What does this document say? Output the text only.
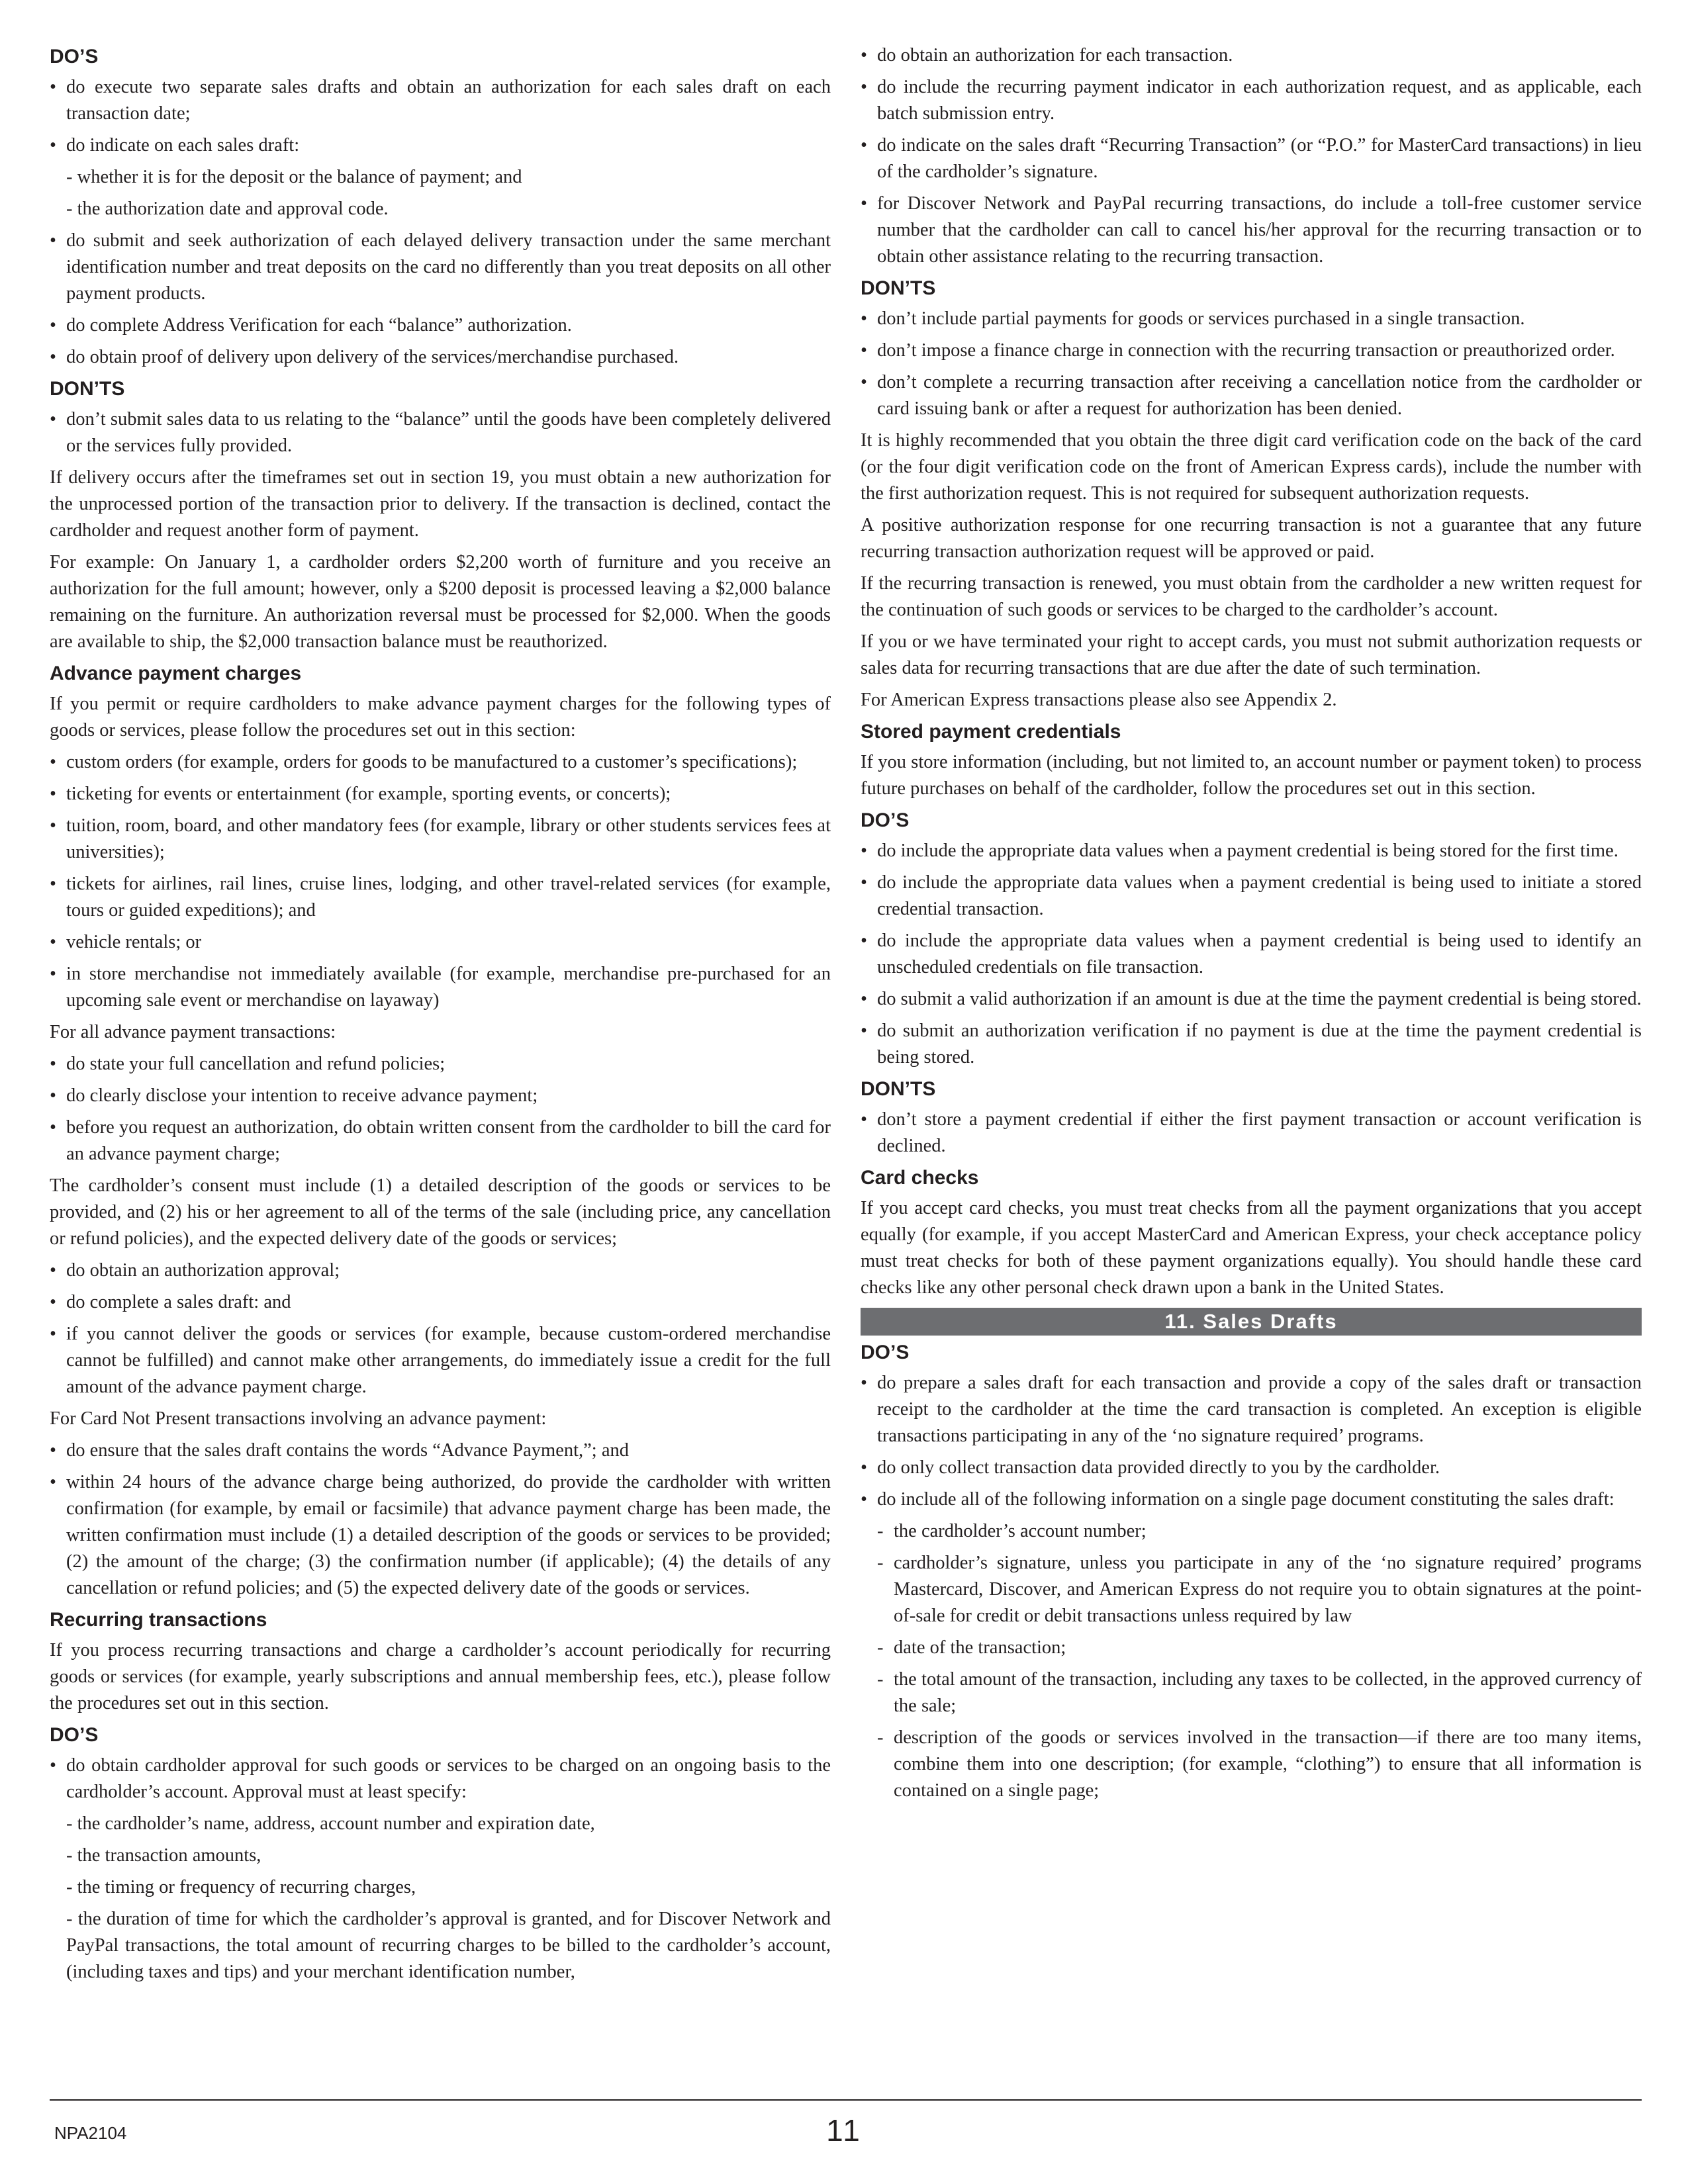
DO’S
• do execute two separate sales drafts and obtain an authorization for each sales draft on each transaction date;
• do indicate on each sales draft:
- whether it is for the deposit or the balance of payment; and
- the authorization date and approval code.
• do submit and seek authorization of each delayed delivery transaction under the same merchant identification number and treat deposits on the card no differently than you treat deposits on all other payment products.
• do complete Address Verification for each “balance” authorization.
• do obtain proof of delivery upon delivery of the services/merchandise purchased.
DON’TS
• don’t submit sales data to us relating to the “balance” until the goods have been completely delivered or the services fully provided.

If delivery occurs after the timeframes set out in section 19, you must obtain a new authorization for the unprocessed portion of the transaction prior to delivery. If the transaction is declined, contact the cardholder and request another form of payment.

For example: On January 1, a cardholder orders $2,200 worth of furniture and you receive an authorization for the full amount; however, only a $200 deposit is processed leaving a $2,000 balance remaining on the furniture. An authorization reversal must be processed for $2,000. When the goods are available to ship, the $2,000 transaction balance must be reauthorized.

Advance payment charges

If you permit or require cardholders to make advance payment charges for the following types of goods or services, please follow the procedures set out in this section:

• custom orders (for example, orders for goods to be manufactured to a customer’s specifications);
• ticketing for events or entertainment (for example, sporting events, or concerts);
• tuition, room, board, and other mandatory fees (for example, library or other students services fees at universities);
• tickets for airlines, rail lines, cruise lines, lodging, and other travel-related services (for example, tours or guided expeditions); and
• vehicle rentals; or
• in store merchandise not immediately available (for example, merchandise pre-purchased for an upcoming sale event or merchandise on layaway)

For all advance payment transactions:

• do state your full cancellation and refund policies;
• do clearly disclose your intention to receive advance payment;
• before you request an authorization, do obtain written consent from the cardholder to bill the card for an advance payment charge;

The cardholder’s consent must include (1) a detailed description of the goods or services to be provided, and (2) his or her agreement to all of the terms of the sale (including price, any cancellation or refund policies), and the expected delivery date of the goods or services;

• do obtain an authorization approval;
• do complete a sales draft: and
• if you cannot deliver the goods or services (for example, because custom-ordered merchandise cannot be fulfilled) and cannot make other arrangements, do immediately issue a credit for the full amount of the advance payment charge.

For Card Not Present transactions involving an advance payment:

• do ensure that the sales draft contains the words “Advance Payment,”; and
• within 24 hours of the advance charge being authorized, do provide the cardholder with written confirmation (for example, by email or facsimile) that advance payment charge has been made, the written confirmation must include (1) a detailed description of the goods or services to be provided; (2) the amount of the charge; (3) the confirmation number (if applicable); (4) the details of any cancellation or refund policies; and (5) the expected delivery date of the goods or services.
Recurring transactions

If you process recurring transactions and charge a cardholder’s account periodically for recurring goods or services (for example, yearly subscriptions and annual membership fees, etc.), please follow the procedures set out in this section.

DO’S
• do obtain cardholder approval for such goods or services to be charged on an ongoing basis to the cardholder’s account. Approval must at least specify:
- the cardholder’s name, address, account number and expiration date,
- the transaction amounts,
- the timing or frequency of recurring charges,
- the duration of time for which the cardholder’s approval is granted, and for Discover Network and PayPal transactions, the total amount of recurring charges to be billed to the cardholder’s account, (including taxes and tips) and your merchant identification number,
• do obtain an authorization for each transaction.
• do include the recurring payment indicator in each authorization request, and as applicable, each batch submission entry.
• do indicate on the sales draft “Recurring Transaction” (or “P.O.” for MasterCard transactions) in lieu of the cardholder’s signature.
• for Discover Network and PayPal recurring transactions, do include a toll-free customer service number that the cardholder can call to cancel his/her approval for the recurring transaction or to obtain other assistance relating to the recurring transaction.
DON’TS
• don’t include partial payments for goods or services purchased in a single transaction.
• don’t impose a finance charge in connection with the recurring transaction or preauthorized order.
• don’t complete a recurring transaction after receiving a cancellation notice from the cardholder or card issuing bank or after a request for authorization has been denied.

It is highly recommended that you obtain the three digit card verification code on the back of the card (or the four digit verification code on the front of American Express cards), include the number with the first authorization request. This is not required for subsequent authorization requests.

A positive authorization response for one recurring transaction is not a guarantee that any future recurring transaction authorization request will be approved or paid.

If the recurring transaction is renewed, you must obtain from the cardholder a new written request for the continuation of such goods or services to be charged to the cardholder’s account.

If you or we have terminated your right to accept cards, you must not submit authorization requests or sales data for recurring transactions that are due after the date of such termination.

For American Express transactions please also see Appendix 2.

Stored payment credentials

If you store information (including, but not limited to, an account number or payment token) to process future purchases on behalf of the cardholder, follow the procedures set out in this section.

DO’S
• do include the appropriate data values when a payment credential is being stored for the first time.
• do include the appropriate data values when a payment credential is being used to initiate a stored credential transaction.
• do include the appropriate data values when a payment credential is being used to identify an unscheduled credentials on file transaction.
• do submit a valid authorization if an amount is due at the time the payment credential is being stored.
• do submit an authorization verification if no payment is due at the time the payment credential is being stored.
DON’TS
• don’t store a payment credential if either the first payment transaction or account verification is declined.
Card checks

If you accept card checks, you must treat checks from all the payment organizations that you accept equally (for example, if you accept MasterCard and American Express, your check acceptance policy must treat checks for both of these payment organizations equally). You should handle these card checks like any other personal check drawn upon a bank in the United States.

11. Sales Drafts
DO’S
• do prepare a sales draft for each transaction and provide a copy of the sales draft or transaction receipt to the cardholder at the time the card transaction is completed. An exception is eligible transactions participating in any of the ‘no signature required’ programs.
• do only collect transaction data provided directly to you by the cardholder.
• do include all of the following information on a single page document constituting the sales draft:
- the cardholder’s account number;
- cardholder’s signature, unless you participate in any of the ‘no signature required’ programs Mastercard, Discover, and American Express do not require you to obtain signatures at the point-of-sale for credit or debit transactions unless required by law
- date of the transaction;
- the total amount of the transaction, including any taxes to be collected, in the approved currency of the sale;
- description of the goods or services involved in the transaction—if there are too many items, combine them into one description; (for example, “clothing”) to ensure that all information is contained on a single page;
NPA2104	11
